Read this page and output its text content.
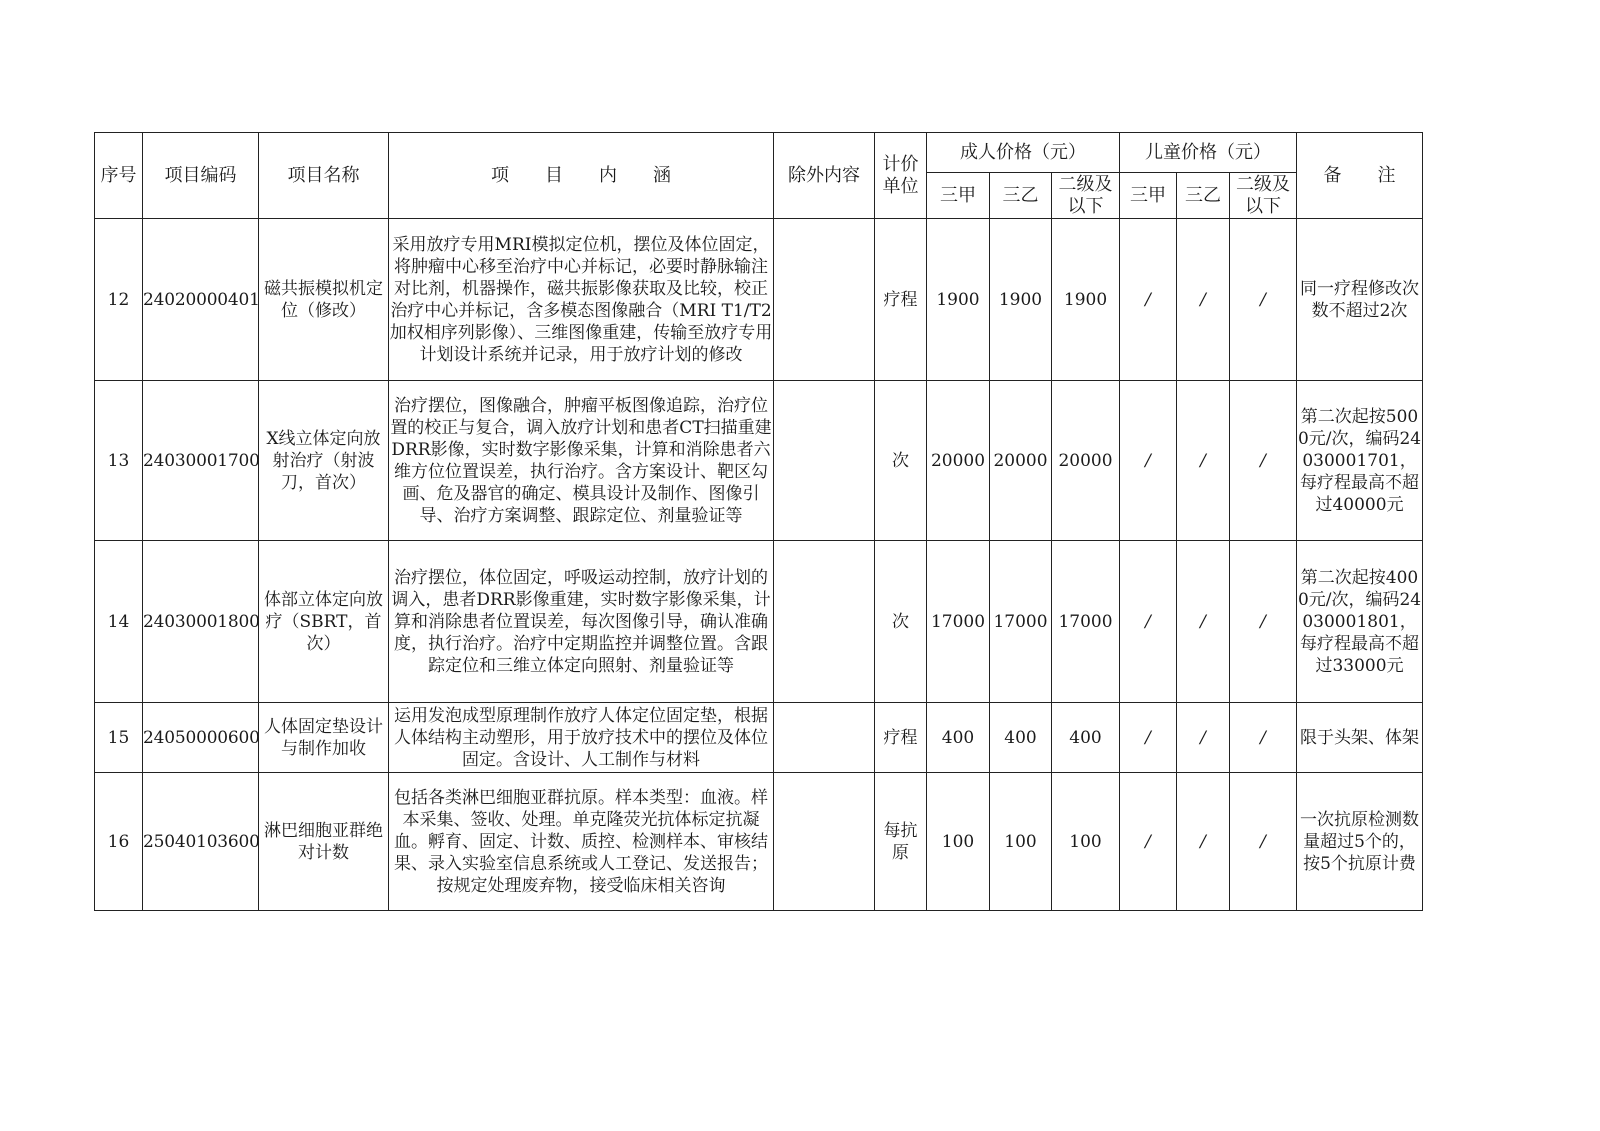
序号	项目编码	项目名称	项　　目　　内　　涵	除外内容	计价单位	成人价格（元）			儿童价格（元）			备　　注
						三甲	三乙	二级及以下	三甲	三乙	二级及以下	
12	24020000401	磁共振模拟机定位（修改）	采用放疗专用MRI模拟定位机，摆位及体位固定，将肿瘤中心移至治疗中心并标记，必要时静脉输注对比剂，机器操作，磁共振影像获取及比较，校正治疗中心并标记，含多模态图像融合（MRI T1/T2加权相序列影像）、三维图像重建，传输至放疗专用计划设计系统并记录，用于放疗计划的修改		疗程	1900	1900	1900	/	/	/	同一疗程修改次数不超过2次
13	24030001700	X线立体定向放射治疗（射波刀，首次）	治疗摆位，图像融合，肿瘤平板图像追踪，治疗位置的校正与复合，调入放疗计划和患者CT扫描重建DRR影像，实时数字影像采集，计算和消除患者六维方位位置误差，执行治疗。含方案设计、靶区勾画、危及器官的确定、模具设计及制作、图像引导、治疗方案调整、跟踪定位、剂量验证等		次	20000	20000	20000	/	/	/	第二次起按5000元/次，编码24030001701，每疗程最高不超过40000元
14	24030001800	体部立体定向放疗（SBRT，首次）	治疗摆位，体位固定，呼吸运动控制，放疗计划的调入，患者DRR影像重建，实时数字影像采集，计算和消除患者位置误差，每次图像引导，确认准确度，执行治疗。治疗中定期监控并调整位置。含跟踪定位和三维立体定向照射、剂量验证等		次	17000	17000	17000	/	/	/	第二次起按4000元/次，编码24030001801，每疗程最高不超过33000元
15	24050000600	人体固定垫设计与制作加收	运用发泡成型原理制作放疗人体定位固定垫，根据人体结构主动塑形，用于放疗技术中的摆位及体位固定。含设计、人工制作与材料		疗程	400	400	400	/	/	/	限于头架、体架
16	25040103600	淋巴细胞亚群绝对计数	包括各类淋巴细胞亚群抗原。样本类型：血液。样本采集、签收、处理。单克隆荧光抗体标定抗凝血。孵育、固定、计数、质控、检测样本、审核结果、录入实验室信息系统或人工登记、发送报告；按规定处理废弃物，接受临床相关咨询		每抗原	100	100	100	/	/	/	一次抗原检测数量超过5个的，按5个抗原计费
